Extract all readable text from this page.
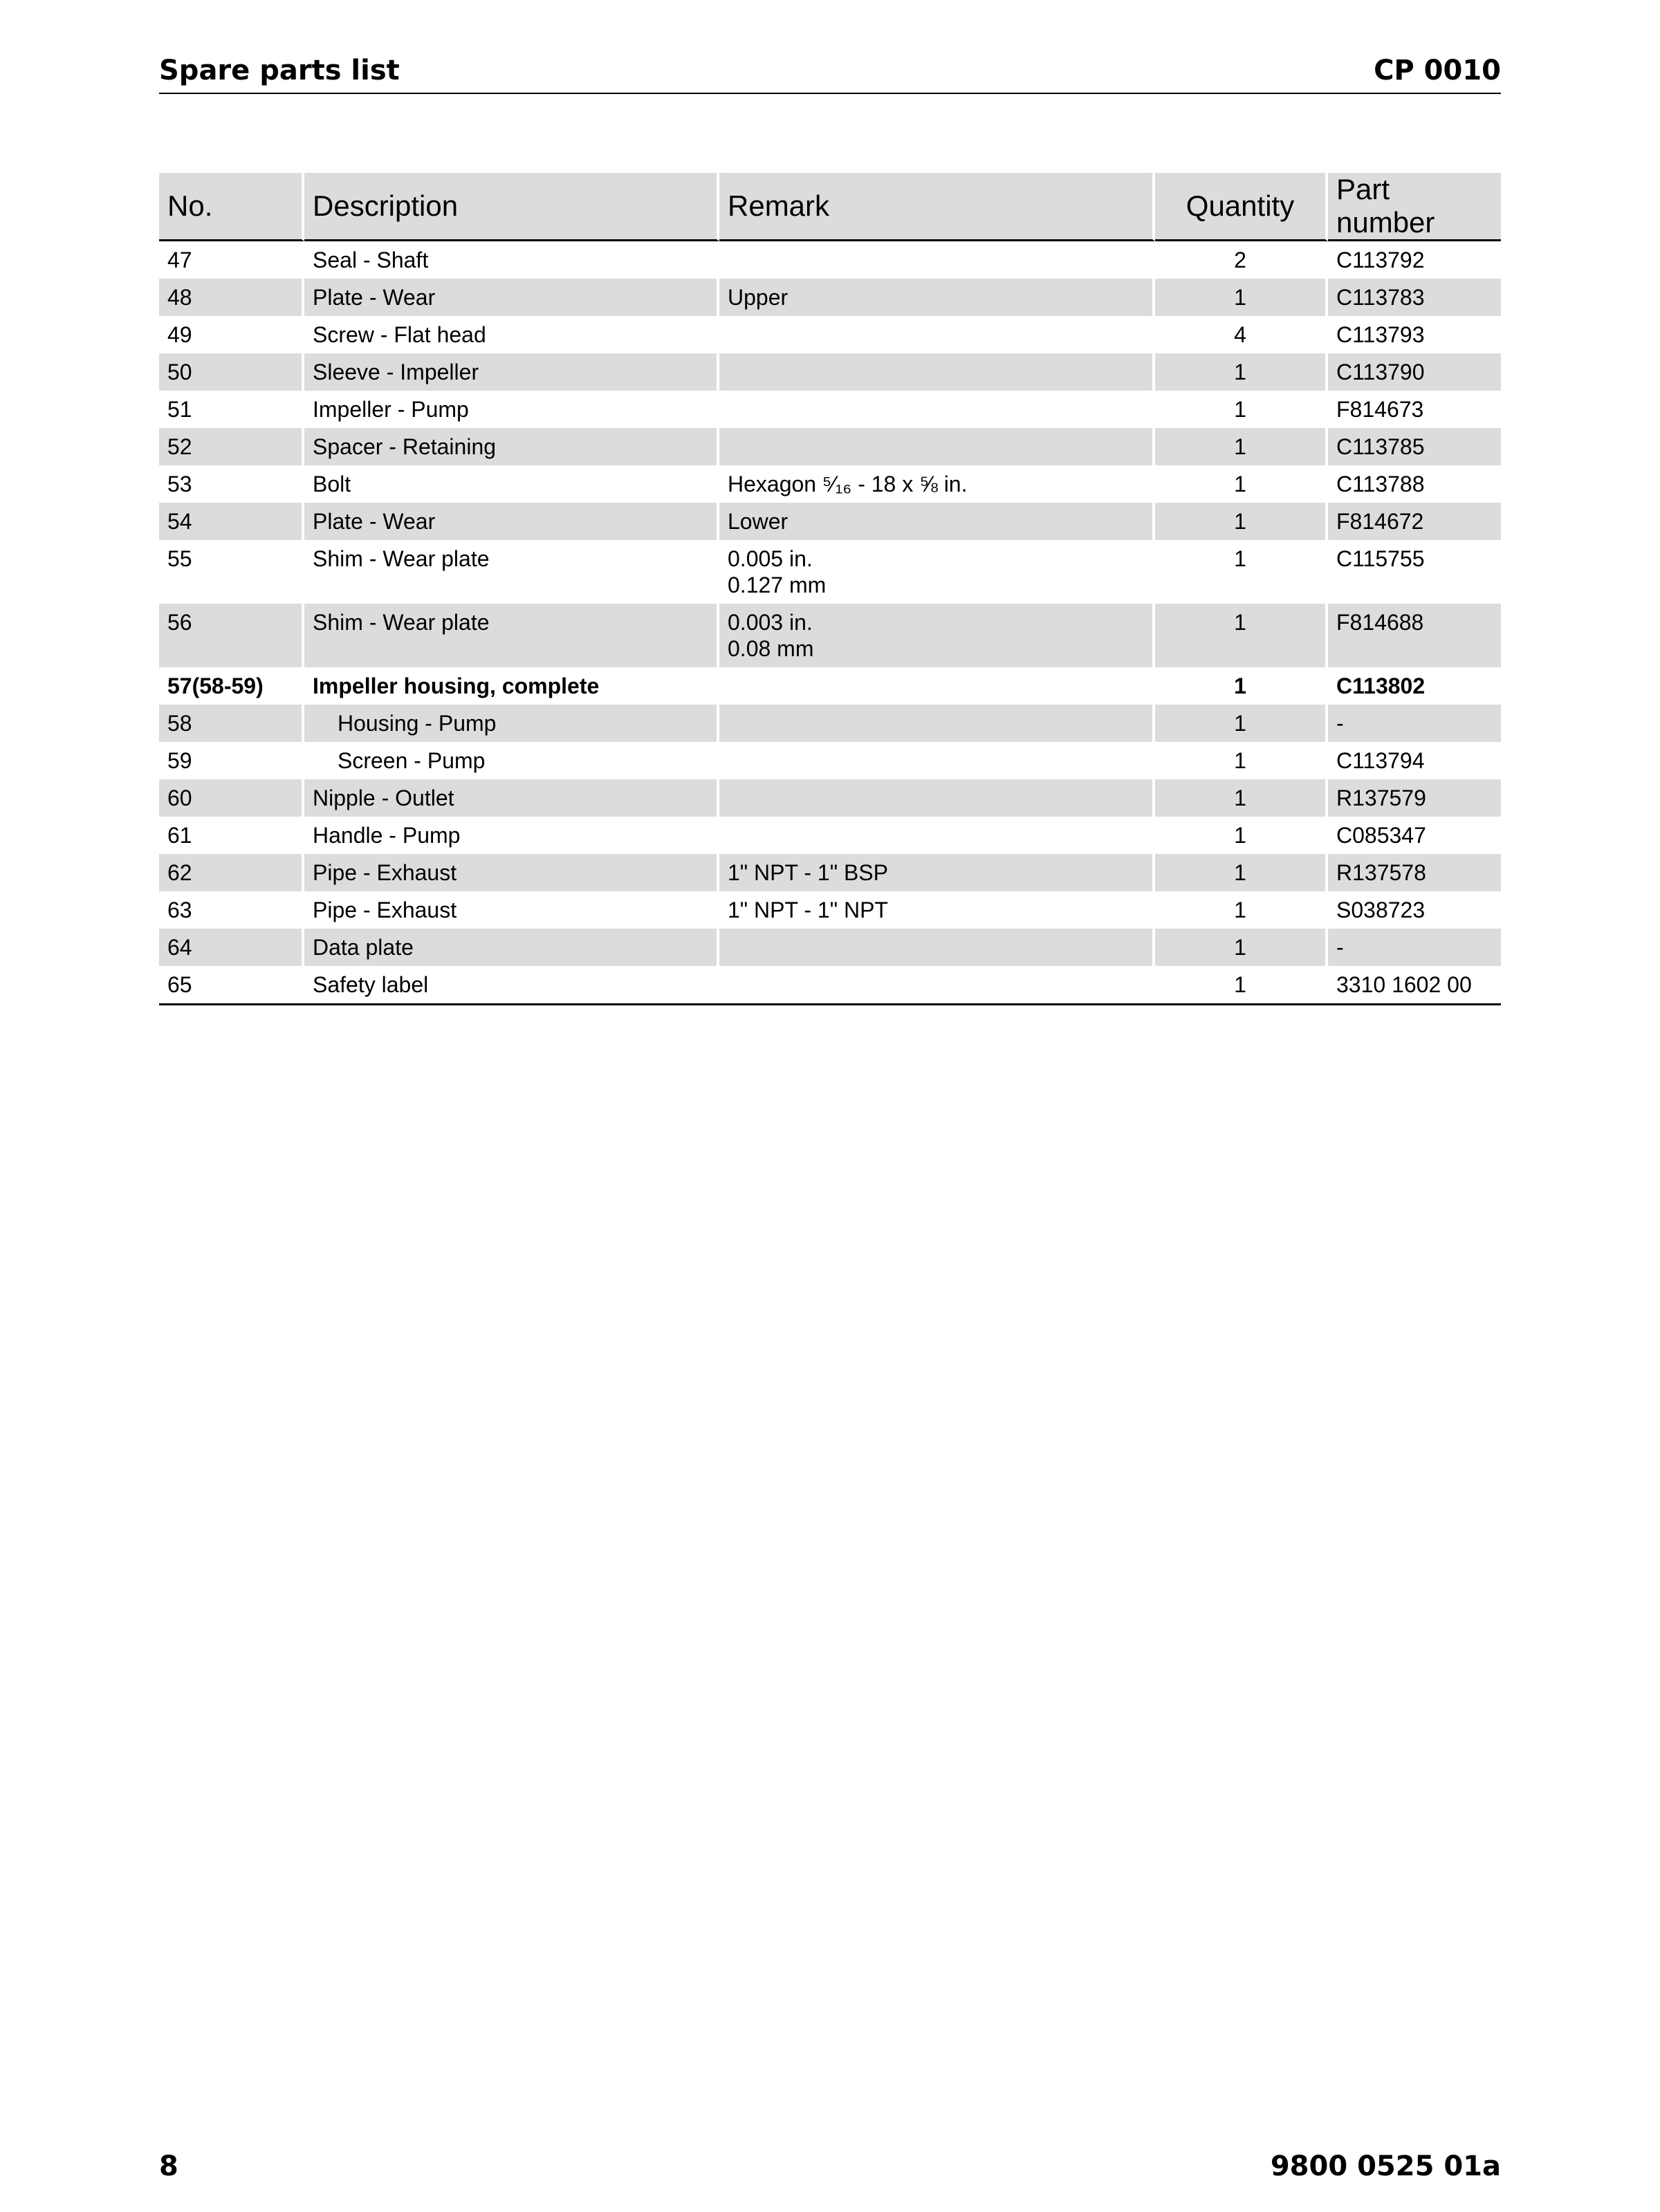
Spare parts list	CP 0010
No.	Description	Remark	Quantity	Part number
47	Seal - Shaft		2	C113792
48	Plate - Wear	Upper	1	C113783
49	Screw - Flat head		4	C113793
50	Sleeve - Impeller		1	C113790
51	Impeller - Pump		1	F814673
52	Spacer - Retaining		1	C113785
53	Bolt	Hexagon ⁵⁄₁₆ - 18 x ⅝ in.	1	C113788
54	Plate - Wear	Lower	1	F814672
55	Shim - Wear plate	0.005 in.
0.127 mm	1	C115755
56	Shim - Wear plate	0.003 in.
0.08 mm	1	F814688
57(58-59)	Impeller housing, complete		1	C113802
58	Housing - Pump		1	-
59	Screen - Pump		1	C113794
60	Nipple - Outlet		1	R137579
61	Handle - Pump		1	C085347
62	Pipe - Exhaust	1" NPT - 1" BSP	1	R137578
63	Pipe - Exhaust	1" NPT - 1" NPT	1	S038723
64	Data plate		1	-
65	Safety label		1	3310 1602 00
8	9800 0525 01a
